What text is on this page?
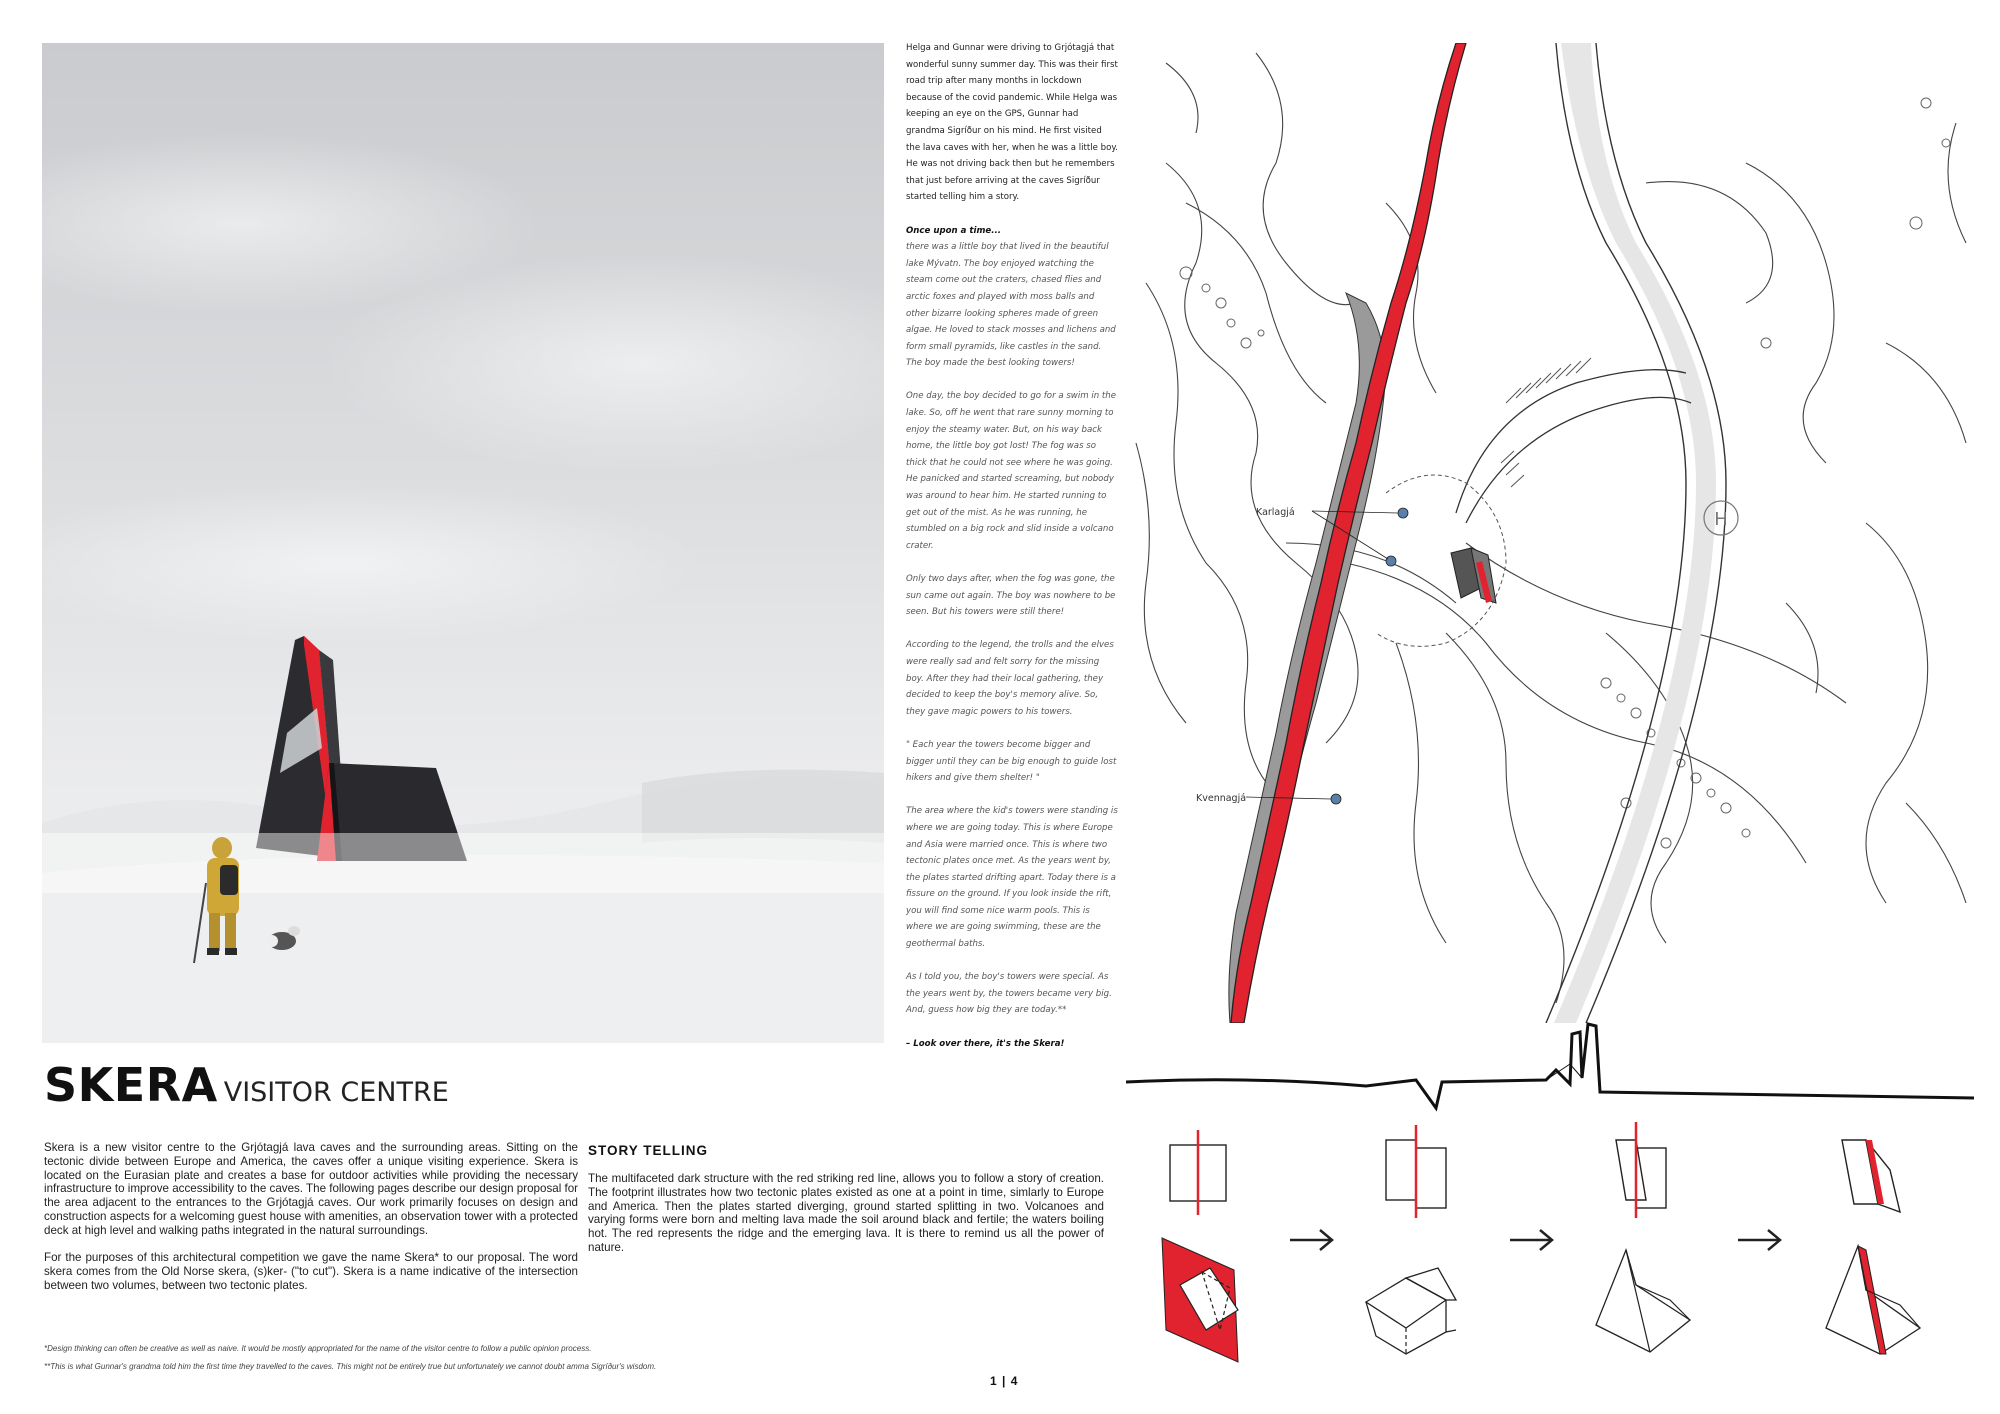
Helga and Gunnar were driving to Grjótagjá that wonderful sunny summer day. This was their first road trip after many months in lockdown because of the covid pandemic. While Helga was keeping an eye on the GPS, Gunnar had grandma Sigríður on his mind. He first visited the lava caves with her, when he was a little boy. He was not driving back then but he remembers that just before arriving at the caves Sigríður started telling him a story.

Once upon a time...

there was a little boy that lived in the beautiful lake Mývatn. The boy enjoyed watching the steam come out the craters, chased flies and arctic foxes and played with moss balls and other bizarre looking spheres made of green algae. He loved to stack mosses and lichens and form small pyramids, like castles in the sand. The boy made the best looking towers!

One day, the boy decided to go for a swim in the lake. So, off he went that rare sunny morning to enjoy the steamy water. But, on his way back home, the little boy got lost! The fog was so thick that he could not see where he was going. He panicked and started screaming, but nobody was around to hear him. He started running to get out of the mist. As he was running, he stumbled on a big rock and slid inside a volcano crater.

Only two days after, when the fog was gone, the sun came out again. The boy was nowhere to be seen. But his towers were still there!

According to the legend, the trolls and the elves were really sad and felt sorry for the missing boy. After they had their local gathering, they decided to keep the boy's memory alive. So, they gave magic powers to his towers.

" Each year the towers become bigger and bigger until they can be big enough to guide lost hikers and give them shelter! "

The area where the kid's towers were standing is where we are going today. This is where Europe and Asia were married once. This is where two tectonic plates once met. As the years went by, the plates started drifting apart. Today there is a fissure on the ground. If you look inside the rift, you will find some nice warm pools. This is where we are going swimming, these are the geothermal baths.

As I told you, the boy's towers were special. As the years went by, the towers became very big. And, guess how big they are today.**

– Look over there, it's the Skera!
H
Karlagjá
Kvennagjá
SKERA VISITOR CENTRE

Skera is a new visitor centre to the Grjótagjá lava caves and the surrounding areas. Sitting on the tectonic divide between Europe and America, the caves offer a unique visiting experience. Skera is located on the Eurasian plate and creates a base for outdoor activities while providing the necessary infrastructure to improve accessibility to the caves. The following pages describe our design proposal for the area adjacent to the entrances to the Grjótagjá caves. Our work primarily focuses on design and construction aspects for a welcoming guest house with amenities, an observation tower with a protected deck at high level and walking paths integrated in the natural surroundings.

For the purposes of this architectural competition we gave the name Skera* to our proposal. The word skera comes from the Old Norse skera, (s)ker- ("to cut"). Skera is a name indicative of the intersection between two volumes, between two tectonic plates.

STORY TELLING
The multifaceted dark structure with the red striking red line, allows you to follow a story of creation. The footprint illustrates how two tectonic plates existed as one at a point in time, simlarly to Europe and America. Then the plates started diverging, ground started splitting in two. Volcanoes and varying forms were born and melting lava made the soil around black and fertile; the waters boiling hot. The red represents the ridge and the emerging lava. It is there to remind us all the power of nature.
*Design thinking can often be creative as well as naive. It would be mostly appropriated for the name of the visitor centre to follow a public opinion process.
**This is what Gunnar's grandma told him the first time they travelled to the caves. This might not be entirely true but unfortunately we cannot doubt amma Sigríður's wisdom.
1 | 4
